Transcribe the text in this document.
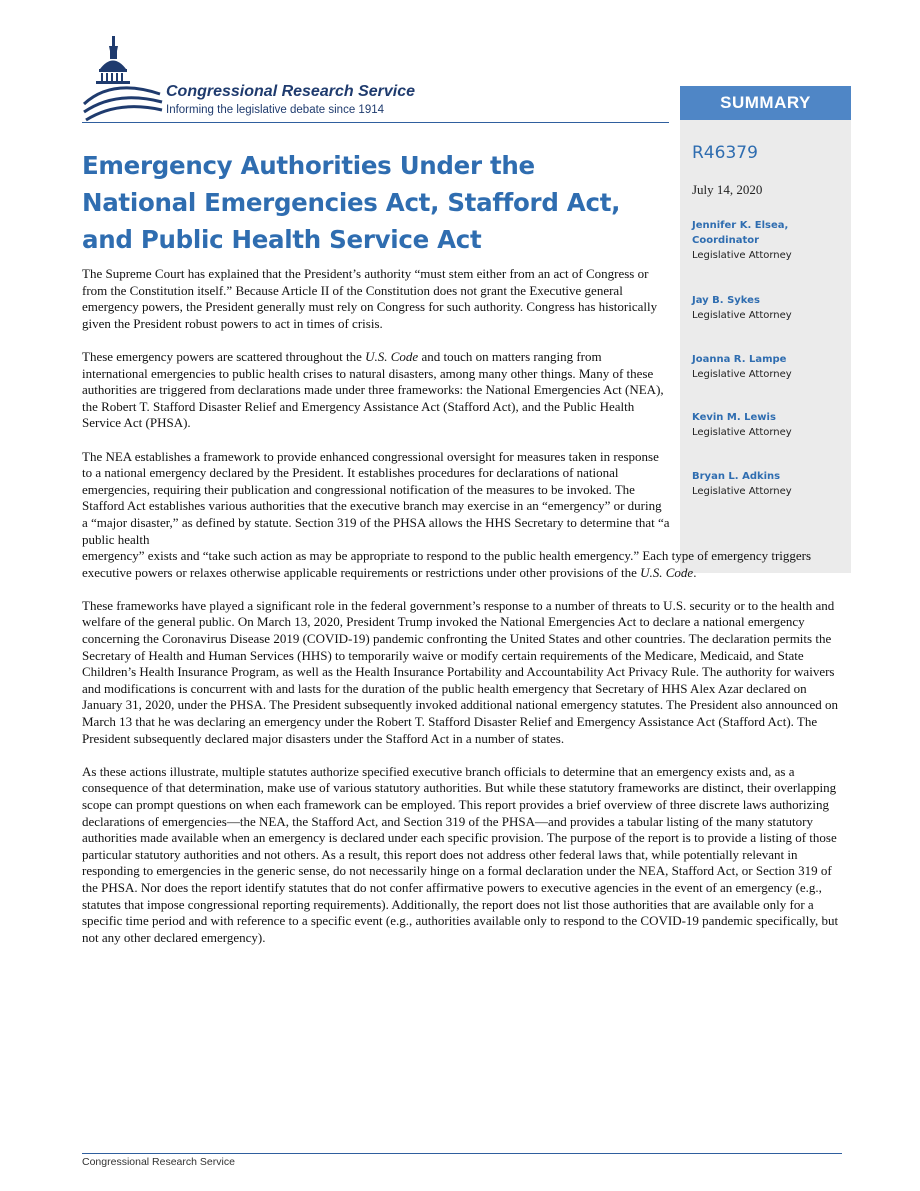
Congressional Research Service

Informing the legislative debate since 1914	SUMMARY
R46379
July 14, 2020
Jennifer K. Elsea,
Coordinator
Legislative Attorney
Jay B. Sykes
Legislative Attorney
Joanna R. Lampe
Legislative Attorney
Kevin M. Lewis
Legislative Attorney
Bryan L. Adkins
Legislative Attorney
Emergency Authorities Under the
National Emergencies Act, Stafford Act,
and Public Health Service Act

The Supreme Court has explained that the President’s authority “must stem either from an act of Congress or from the Constitution itself.” Because Article II of the Constitution does not grant the Executive general emergency powers, the President generally must rely on Congress for such authority. Congress has historically given the President robust powers to act in times of crisis.

These emergency powers are scattered throughout the U.S. Code and touch on matters ranging from international emergencies to public health crises to natural disasters, among many other things. Many of these authorities are triggered from declarations made under three frameworks: the National Emergencies Act (NEA), the Robert T. Stafford Disaster Relief and Emergency Assistance Act (Stafford Act), and the Public Health Service Act (PHSA).

The NEA establishes a framework to provide enhanced congressional oversight for measures taken in response to a national emergency declared by the President. It establishes procedures for declarations of national emergencies, requiring their publication and congressional notification of the measures to be invoked. The Stafford Act establishes various authorities that the executive branch may exercise in an “emergency” or during a “major disaster,” as defined by statute. Section 319 of the PHSA allows the HHS Secretary to determine that “a public health
emergency” exists and “take such action as may be appropriate to respond to the public health emergency.” Each type of emergency triggers executive powers or relaxes otherwise applicable requirements or restrictions under other provisions of the U.S. Code.

These frameworks have played a significant role in the federal government’s response to a number of threats to U.S. security or to the health and welfare of the general public. On March 13, 2020, President Trump invoked the National Emergencies Act to declare a national emergency concerning the Coronavirus Disease 2019 (COVID-19) pandemic confronting the United States and other countries. The declaration permits the Secretary of Health and Human Services (HHS) to temporarily waive or modify certain requirements of the Medicare, Medicaid, and State Children’s Health Insurance Program, as well as the Health Insurance Portability and Accountability Act Privacy Rule. The authority for waivers and modifications is concurrent with and lasts for the duration of the public health emergency that Secretary of HHS Alex Azar declared on January 31, 2020, under the PHSA. The President subsequently invoked additional national emergency statutes. The President also announced on March 13 that he was declaring an emergency under the Robert T. Stafford Disaster Relief and Emergency Assistance Act (Stafford Act). The President subsequently declared major disasters under the Stafford Act in a number of states.

As these actions illustrate, multiple statutes authorize specified executive branch officials to determine that an emergency exists and, as a consequence of that determination, make use of various statutory authorities. But while these statutory frameworks are distinct, their overlapping scope can prompt questions on when each framework can be employed. This report provides a brief overview of three discrete laws authorizing declarations of emergencies—the NEA, the Stafford Act, and Section 319 of the PHSA—and provides a tabular listing of the many statutory authorities made available when an emergency is declared under each specific provision. The purpose of the report is to provide a listing of those particular statutory authorities and not others. As a result, this report does not address other federal laws that, while potentially relevant in responding to emergencies in the generic sense, do not necessarily hinge on a formal declaration under the NEA, Stafford Act, or Section 319 of the PHSA. Nor does the report identify statutes that do not confer affirmative powers to executive agencies in the event of an emergency (e.g., statutes that impose congressional reporting requirements). Additionally, the report does not list those authorities that are available only for a specific time period and with reference to a specific event (e.g., authorities available only to respond to the COVID-19 pandemic specifically, but not any other declared emergency).

Congressional Research Service
